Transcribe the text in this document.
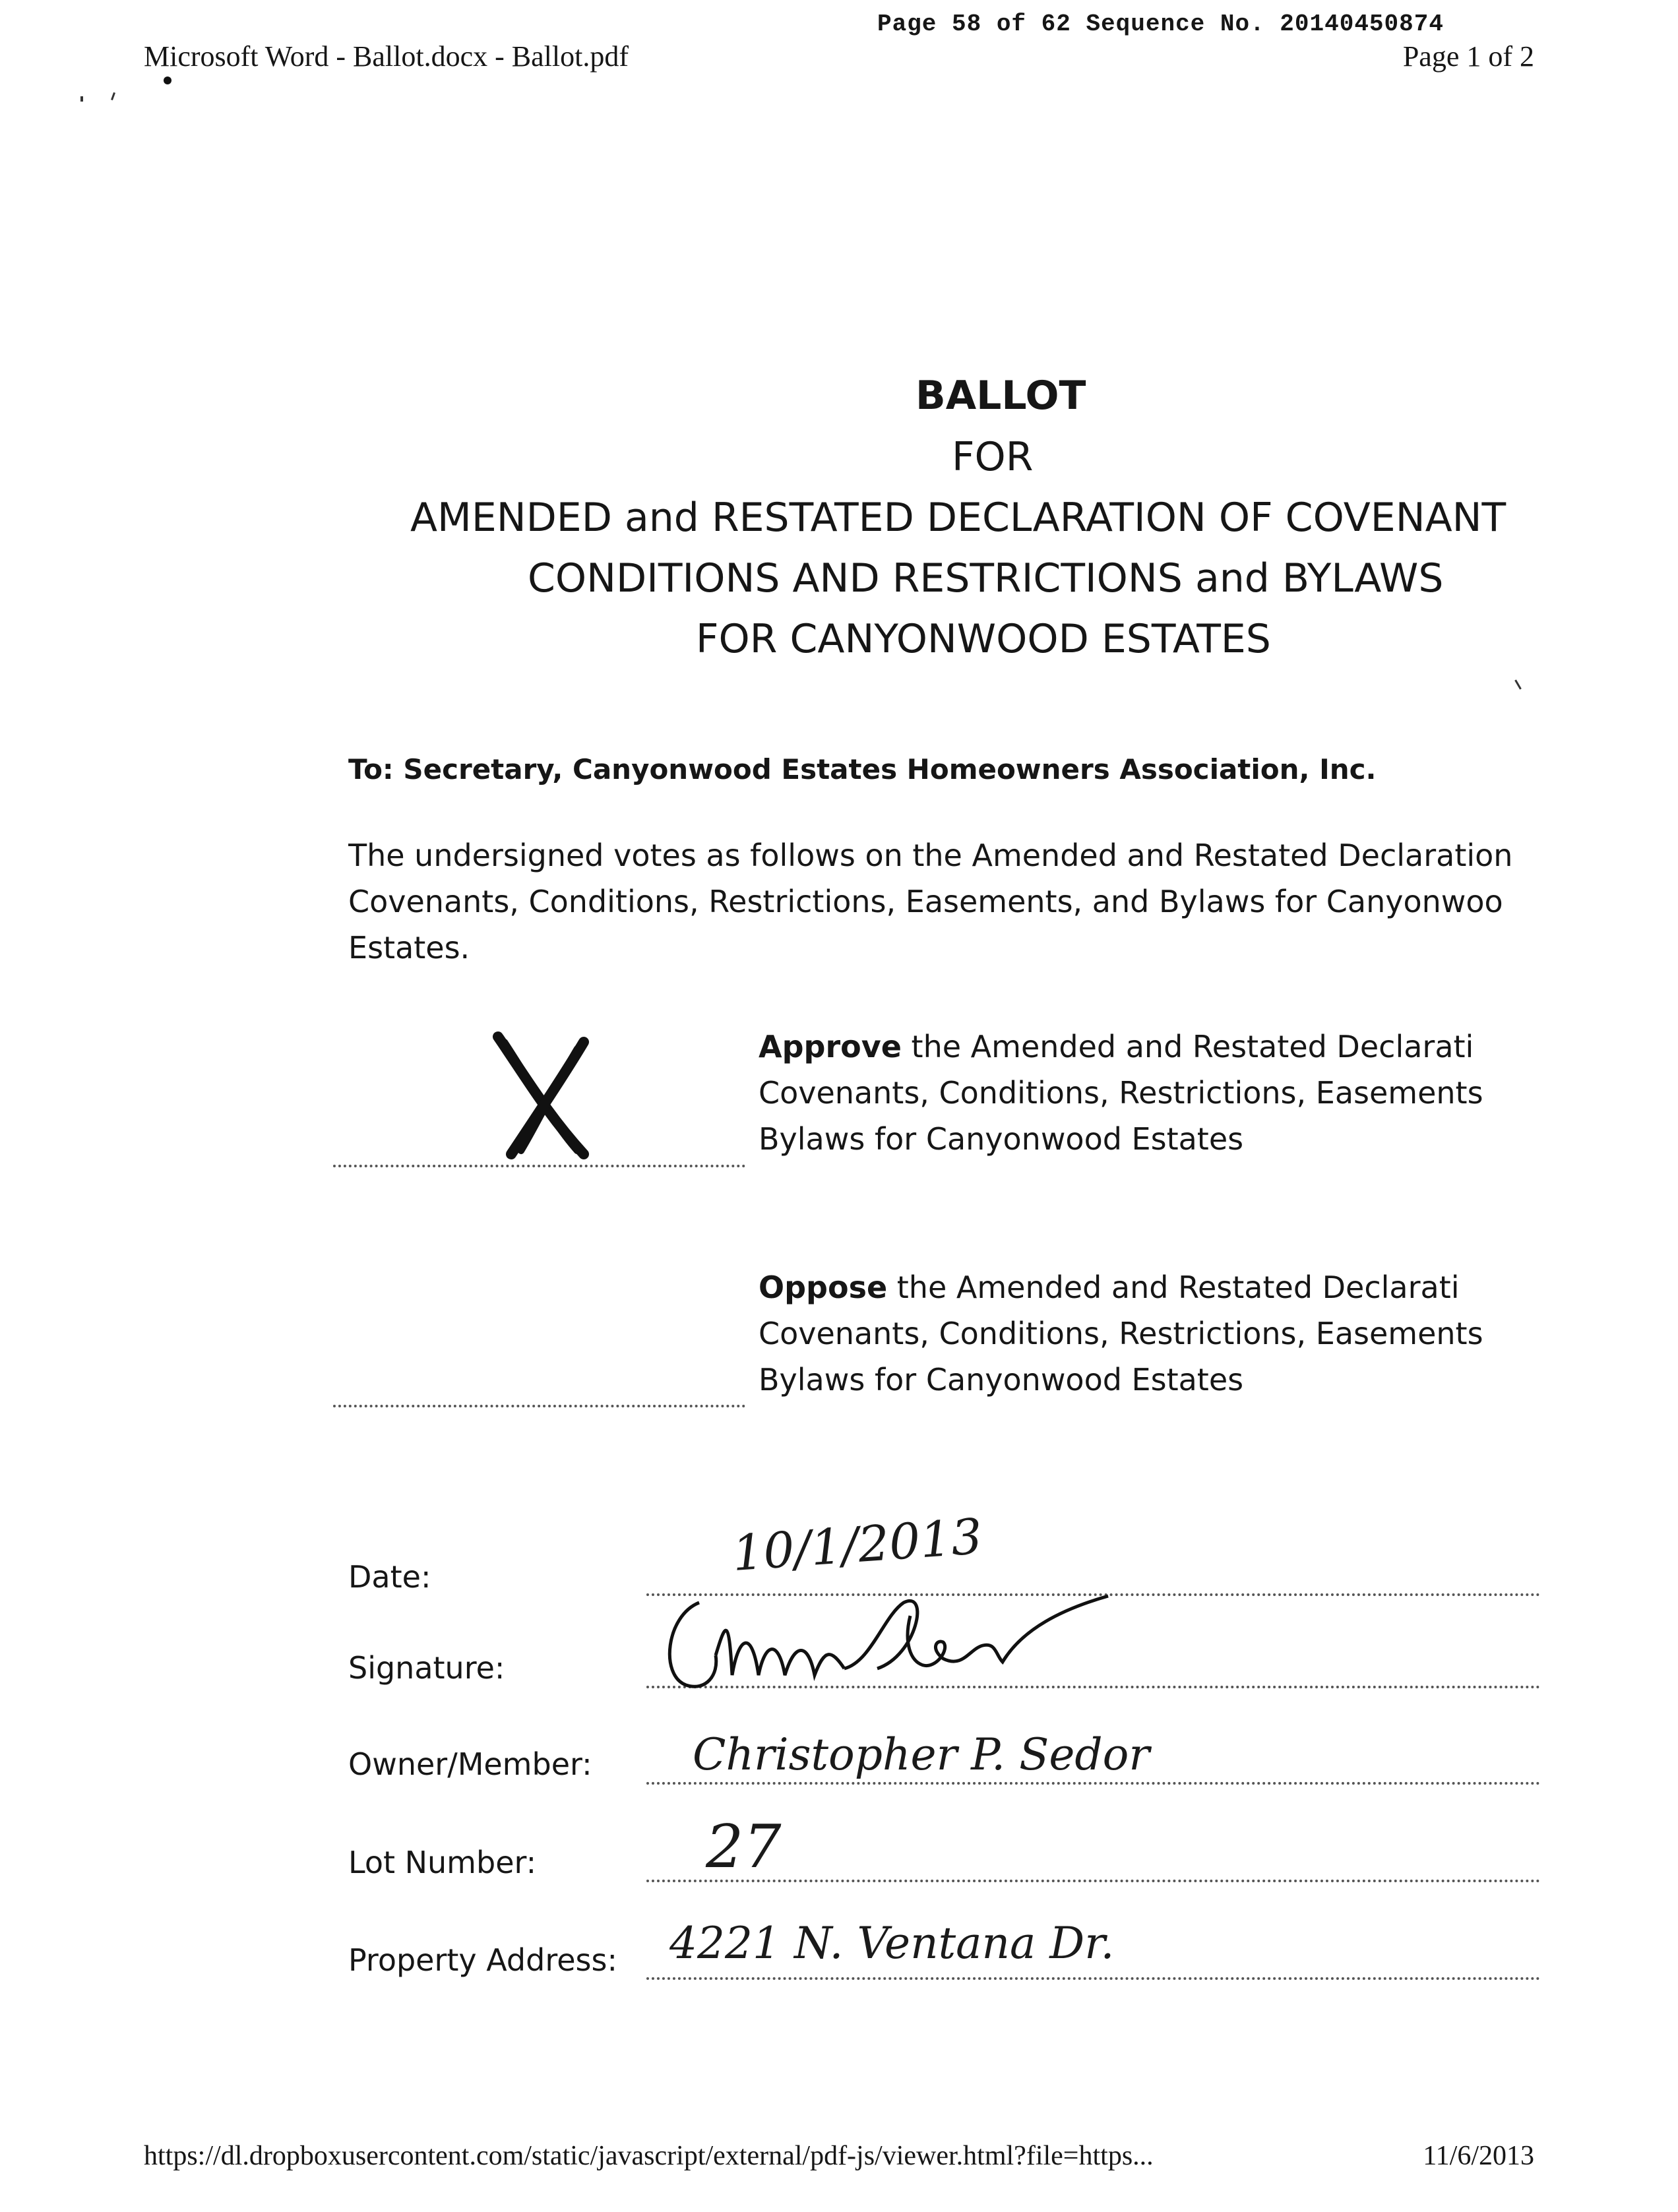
Microsoft Word - Ballot.docx - Ballot.pdf
Page 58 of 62 Sequence No. 20140450874
Page 1 of 2
BALLOT
FOR
AMENDED and RESTATED DECLARATION OF COVENANT
CONDITIONS AND RESTRICTIONS and BYLAWS
FOR CANYONWOOD ESTATES
To: Secretary, Canyonwood Estates Homeowners Association, Inc.
The undersigned votes as follows on the Amended and Restated Declaration
Covenants, Conditions, Restrictions, Easements, and Bylaws for Canyonwoo
Estates.
Approve the Amended and Restated Declarati
Covenants, Conditions, Restrictions, Easements
Bylaws for Canyonwood Estates
Oppose the Amended and Restated Declarati
Covenants, Conditions, Restrictions, Easements
Bylaws for Canyonwood Estates
Date:	10/1/2013
Signature:
Owner/Member: Christopher P. Sedor
Lot Number:	27
Property Address: 4221 N. Ventana Dr.
https://dl.dropboxusercontent.com/static/javascript/external/pdf-js/viewer.html?file=https...	11/6/2013
